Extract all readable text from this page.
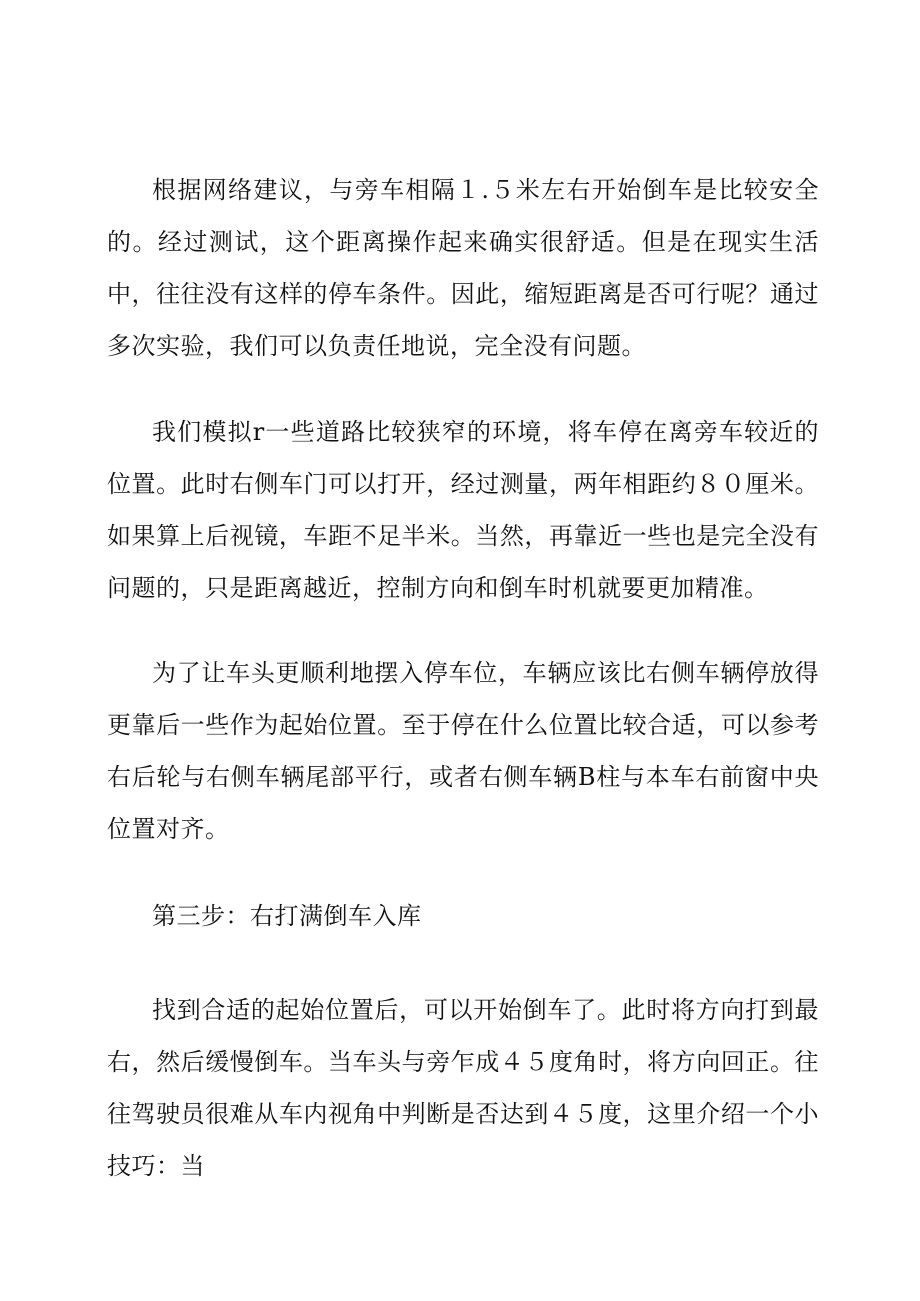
根据网络建议，与旁车相隔１.５米左右开始倒车是比较安全的。经过测试，这个距离操作起来确实很舒适。但是在现实生活中，往往没有这样的停车条件。因此，缩短距离是否可行呢？通过多次实验，我们可以负责任地说，完全没有问题。

我们模拟r一些道路比较狭窄的环境，将车停在离旁车较近的位置。此时右侧车门可以打开，经过测量，两年相距约８０厘米。如果算上后视镜，车距不足半米。当然，再靠近一些也是完全没有问题的，只是距离越近，控制方向和倒车时机就要更加精准。

为了让车头更顺利地摆入停车位，车辆应该比右侧车辆停放得更靠后一些作为起始位置。至于停在什么位置比较合适，可以参考右后轮与右侧车辆尾部平行，或者右侧车辆B柱与本车右前窗中央位置对齐。

第三步：右打满倒车入库

找到合适的起始位置后，可以开始倒车了。此时将方向打到最右，然后缓慢倒车。当车头与旁乍成４５度角时，将方向回正。往往驾驶员很难从车内视角中判断是否达到４５度，这里介绍一个小技巧：当
